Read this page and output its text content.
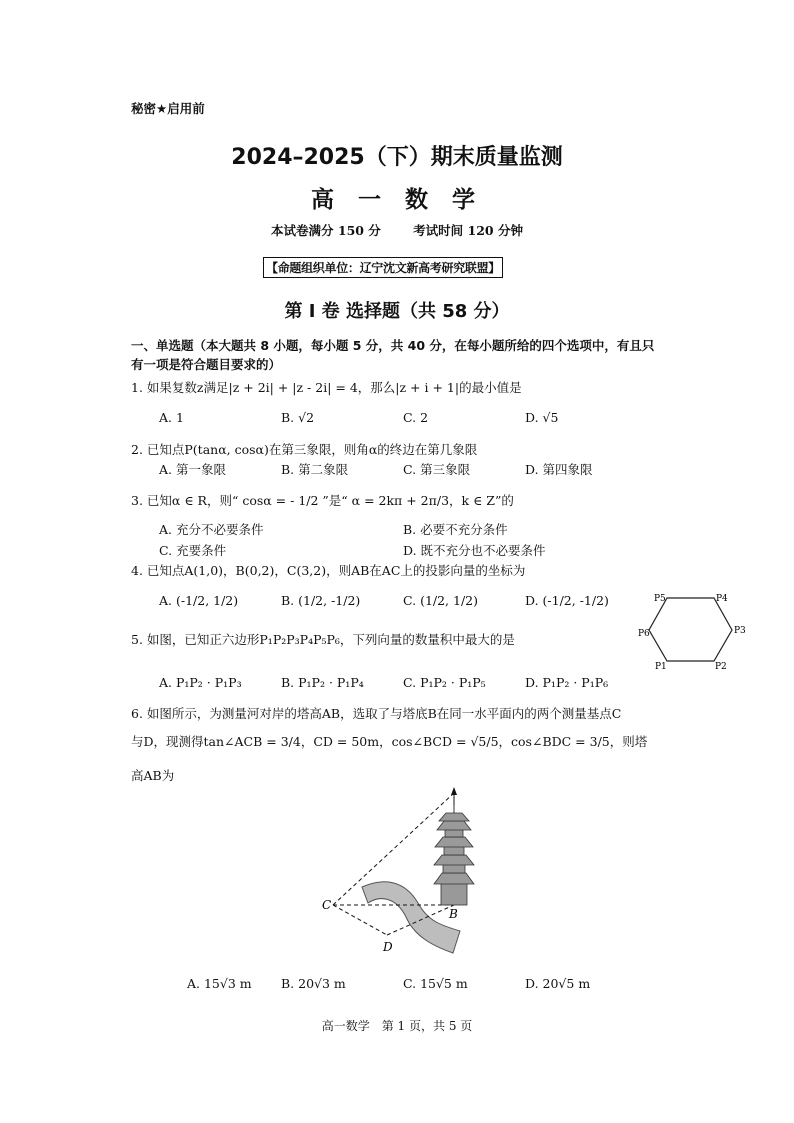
秘密★启用前
2024–2025（下）期末质量监测
高 一 数 学
本试卷满分 150 分	考试时间 120 分钟
【命题组织单位：辽宁沈文新高考研究联盟】
第 I 卷 选择题（共 58 分）
一、单选题（本大题共 8 小题，每小题 5 分，共 40 分，在每小题所给的四个选项中，有且只
有一项是符合题目要求的）
1. 如果复数z满足|z + 2i| + |z - 2i| = 4，那么|z + i + 1|的最小值是
A. 1	B. √2	C. 2	D. √5
2. 已知点P(tanα, cosα)在第三象限，则角α的终边在第几象限
A. 第一象限	B. 第二象限	C. 第三象限	D. 第四象限
3. 已知α ∈ R，则“ cosα = - 1/2 ”是“ α = 2kπ + 2π/3，k ∈ Z”的
A. 充分不必要条件	B. 必要不充分条件
C. 充要条件	D. 既不充分也不必要条件
4. 已知点A(1,0)，B(0,2)，C(3,2)，则AB在AC上的投影向量的坐标为
A. (-1/2, 1/2)	B. (1/2, -1/2)	C. (1/2, 1/2)	D. (-1/2, -1/2)	P5	P4
P3
P6
P1	P2
5. 如图，已知正六边形P₁P₂P₃P₄P₅P₆，下列向量的数量积中最大的是
A. P₁P₂ · P₁P₃	B. P₁P₂ · P₁P₄	C. P₁P₂ · P₁P₅	D. P₁P₂ · P₁P₆
6. 如图所示，为测量河对岸的塔高AB，选取了与塔底B在同一水平面内的两个测量基点C
与D，现测得tan∠ACB = 3/4，CD = 50m，cos∠BCD = √5/5，cos∠BDC = 3/5，则塔
高AB为
C
B
D
A. 15√3 m B. 20√3 m	C. 15√5 m	D. 20√5 m
高一数学　第 1 页，共 5 页
